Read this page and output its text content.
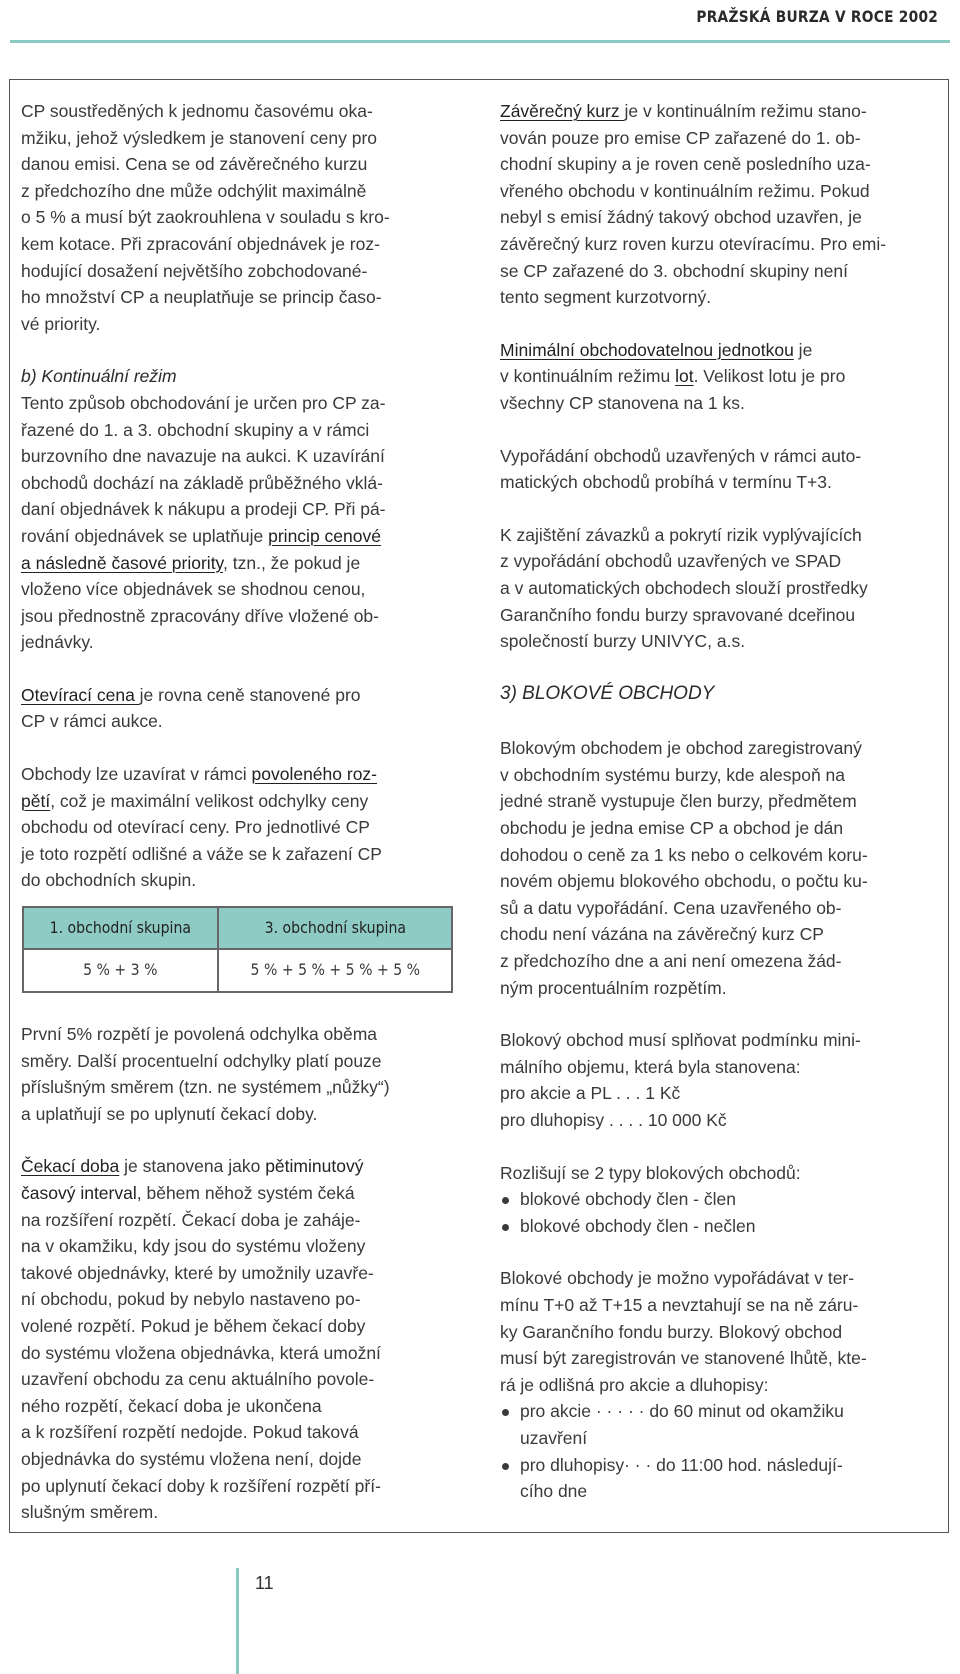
PRAŽSKÁ BURZA V ROCE 2002

CP soustředěných k jednomu časovému oka-
mžiku, jehož výsledkem je stanovení ceny pro
danou emisi. Cena se od závěrečného kurzu
z předchozího dne může odchýlit maximálně
o 5 % a musí být zaokrouhlena v souladu s kro-
kem kotace. Při zpracování objednávek je roz-
hodující dosažení největšího zobchodované-
ho množství CP a neuplatňuje se princip časo-
vé priority.

b) Kontinuální režim

Tento způsob obchodování je určen pro CP za-
řazené do 1. a 3. obchodní skupiny a v rámci
burzovního dne navazuje na aukci. K uzavírání
obchodů dochází na základě průběžného vklá-
daní objednávek k nákupu a prodeji CP. Při pá-
rování objednávek se uplatňuje princip cenové
a následně časové priority, tzn., že pokud je
vloženo více objednávek se shodnou cenou,
jsou přednostně zpracovány dříve vložené ob-
jednávky.

Otevírací cena je rovna ceně stanovené pro
CP v rámci aukce.

Obchody lze uzavírat v rámci povoleného roz-
pětí, což je maximální velikost odchylky ceny
obchodu od otevírací ceny. Pro jednotlivé CP
je toto rozpětí odlišné a váže se k zařazení CP
do obchodních skupin.

1. obchodní skupina	3. obchodní skupina
5 % + 3 %	5 % + 5 % + 5 % + 5 %

První 5% rozpětí je povolená odchylka oběma
směry. Další procentuelní odchylky platí pouze
příslušným směrem (tzn. ne systémem „nůžky“)
a uplatňují se po uplynutí čekací doby.

Čekací doba je stanovena jako pětiminutový
časový interval, během něhož systém čeká
na rozšíření rozpětí. Čekací doba je zaháje-
na v okamžiku, kdy jsou do systému vloženy
takové objednávky, které by umožnily uzavře-
ní obchodu, pokud by nebylo nastaveno po-
volené rozpětí. Pokud je během čekací doby
do systému vložena objednávka, která umožní
uzavření obchodu za cenu aktuálního povole-
ného rozpětí, čekací doba je ukončena
a k rozšíření rozpětí nedojde. Pokud taková
objednávka do systému vložena není, dojde
po uplynutí čekací doby k rozšíření rozpětí pří-
slušným směrem.

Závěrečný kurz je v kontinuálním režimu stano-
vován pouze pro emise CP zařazené do 1. ob-
chodní skupiny a je roven ceně posledního uza-
vřeného obchodu v kontinuálním režimu. Pokud
nebyl s emisí žádný takový obchod uzavřen, je
závěrečný kurz roven kurzu otevíracímu. Pro emi-
se CP zařazené do 3. obchodní skupiny není
tento segment kurzotvorný.

Minimální obchodovatelnou jednotkou je
v kontinuálním režimu lot. Velikost lotu je pro
všechny CP stanovena na 1 ks.

Vypořádání obchodů uzavřených v rámci auto-
matických obchodů probíhá v termínu T+3.

K zajištění závazků a pokrytí rizik vyplývajících
z vypořádání obchodů uzavřených ve SPAD
a v automatických obchodech slouží prostředky
Garančního fondu burzy spravované dceřinou
společností burzy UNIVYC, a.s.

3) BLOKOVÉ OBCHODY

Blokovým obchodem je obchod zaregistrovaný
v obchodním systému burzy, kde alespoň na
jedné straně vystupuje člen burzy, předmětem
obchodu je jedna emise CP a obchod je dán
dohodou o ceně za 1 ks nebo o celkovém koru-
novém objemu blokového obchodu, o počtu ku-
sů a datu vypořádání. Cena uzavřeného ob-
chodu není vázána na závěrečný kurz CP
z předchozího dne a ani není omezena žád-
ným procentuálním rozpětím.

Blokový obchod musí splňovat podmínku mini-
málního objemu, která byla stanovena:
pro akcie a PL . . . 1 Kč
pro dluhopisy . . . . 10 000 Kč

Rozlišují se 2 typy blokových obchodů:

blokové obchody člen - člen
blokové obchody člen - nečlen

Blokové obchody je možno vypořádávat v ter-
mínu T+0 až T+15 a nevztahují se na ně záru-
ky Garančního fondu burzy. Blokový obchod
musí být zaregistrován ve stanovené lhůtě, kte-
rá je odlišná pro akcie a dluhopisy:

pro akcie · · · · · do 60 minut od okamžiku
uzavření
pro dluhopisy· · · do 11:00 hod. následují-
cího dne
11
